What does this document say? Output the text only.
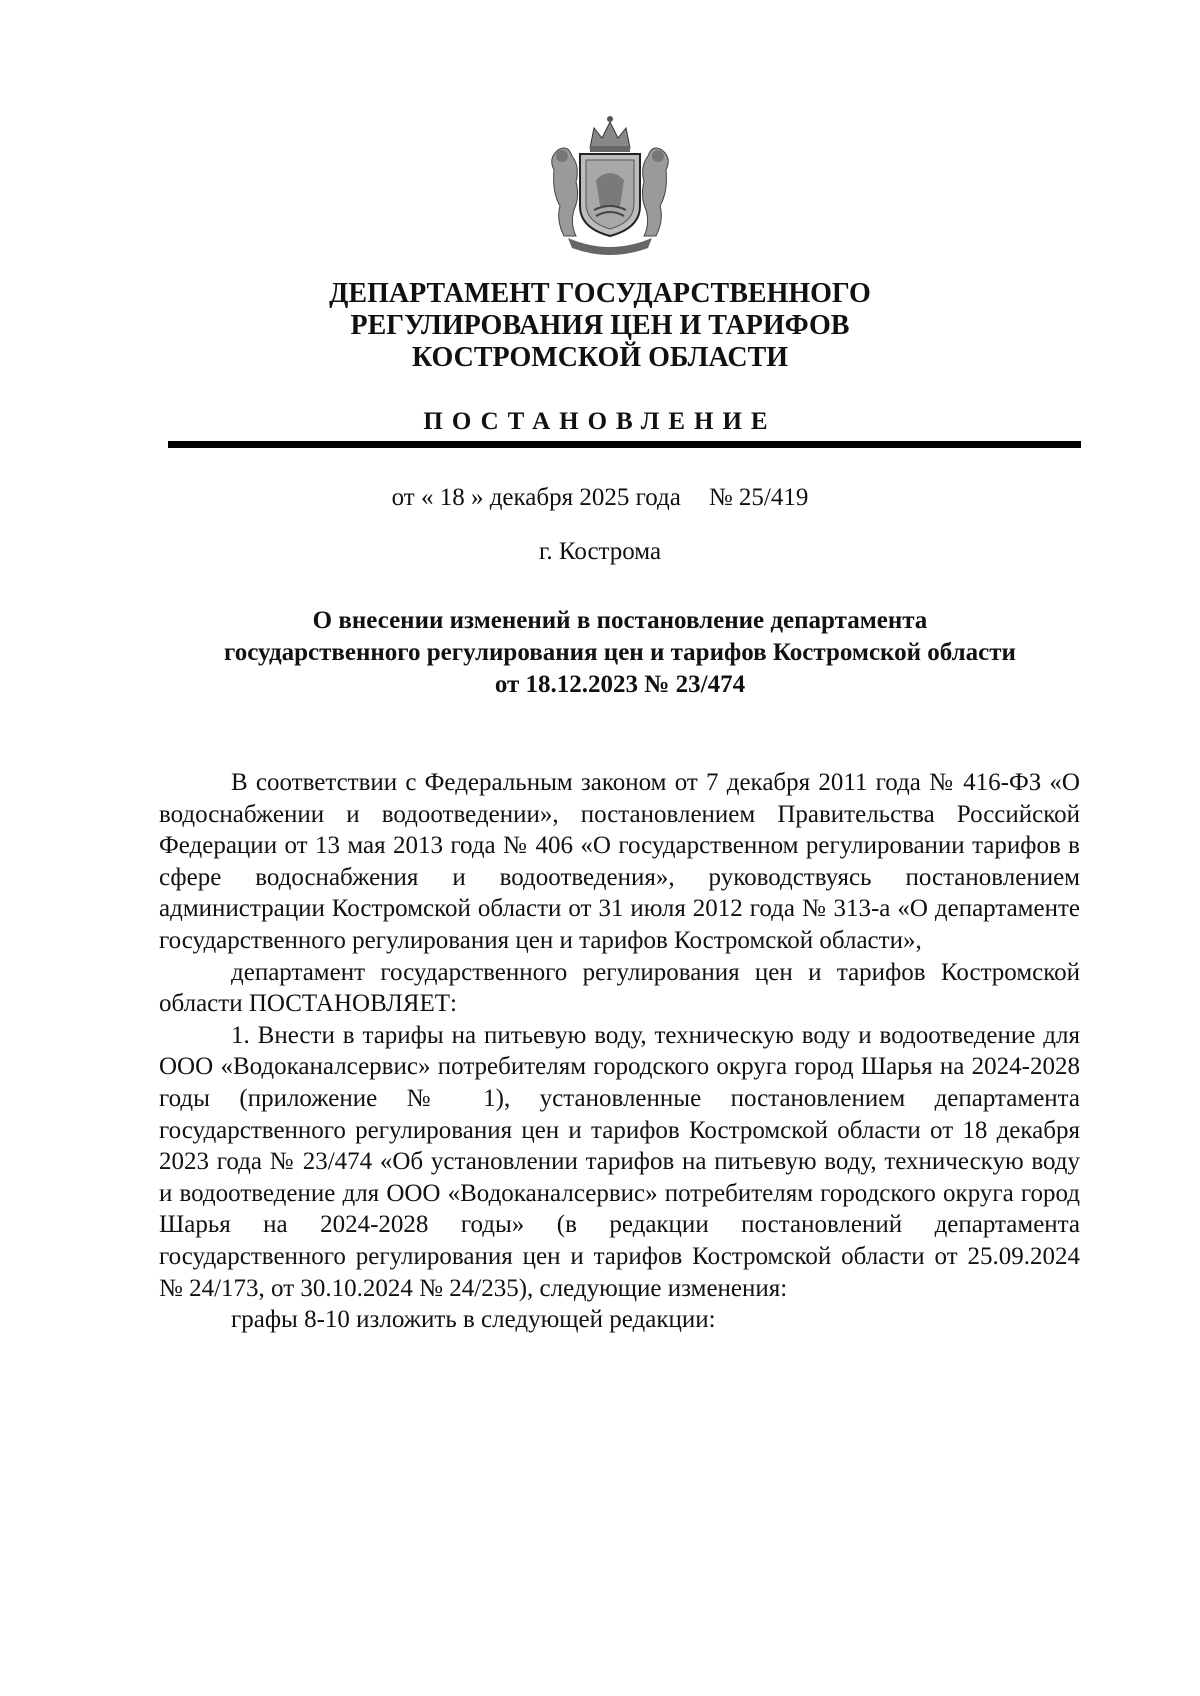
ДЕПАРТАМЕНТ ГОСУДАРСТВЕННОГО
РЕГУЛИРОВАНИЯ ЦЕН И ТАРИФОВ
КОСТРОМСКОЙ ОБЛАСТИ
ПОСТАНОВЛЕНИЕ
от « 18 » декабря 2025 года № 25/419
г. Кострома
О внесении изменений в постановление департамента
государственного регулирования цен и тарифов Костромской области
от 18.12.2023 № 23/474

В соответствии с Федеральным законом от 7 декабря 2011 года № 416-ФЗ «О водоснабжении и водоотведении», постановлением Правительства Российской Федерации от 13 мая 2013 года № 406 «О государственном регулировании тарифов в сфере водоснабжения и водоотведения», руководствуясь постановлением администрации Костромской области от 31 июля 2012 года № 313-а «О департаменте государственного регулирования цен и тарифов Костромской области»,

департамент государственного регулирования цен и тарифов Костромской области ПОСТАНОВЛЯЕТ:

1. Внести в тарифы на питьевую воду, техническую воду и водоотведение для ООО «Водоканалсервис» потребителям городского округа город Шарья на 2024-2028 годы (приложение № 1), установленные постановлением департамента государственного регулирования цен и тарифов Костромской области от 18 декабря 2023 года № 23/474 «Об установлении тарифов на питьевую воду, техническую воду и водоотведение для ООО «Водоканалсервис» потребителям городского округа город Шарья на 2024-2028 годы» (в редакции постановлений департамента государственного регулирования цен и тарифов Костромской области от 25.09.2024 № 24/173, от 30.10.2024 № 24/235), следующие изменения:

графы 8-10 изложить в следующей редакции:
